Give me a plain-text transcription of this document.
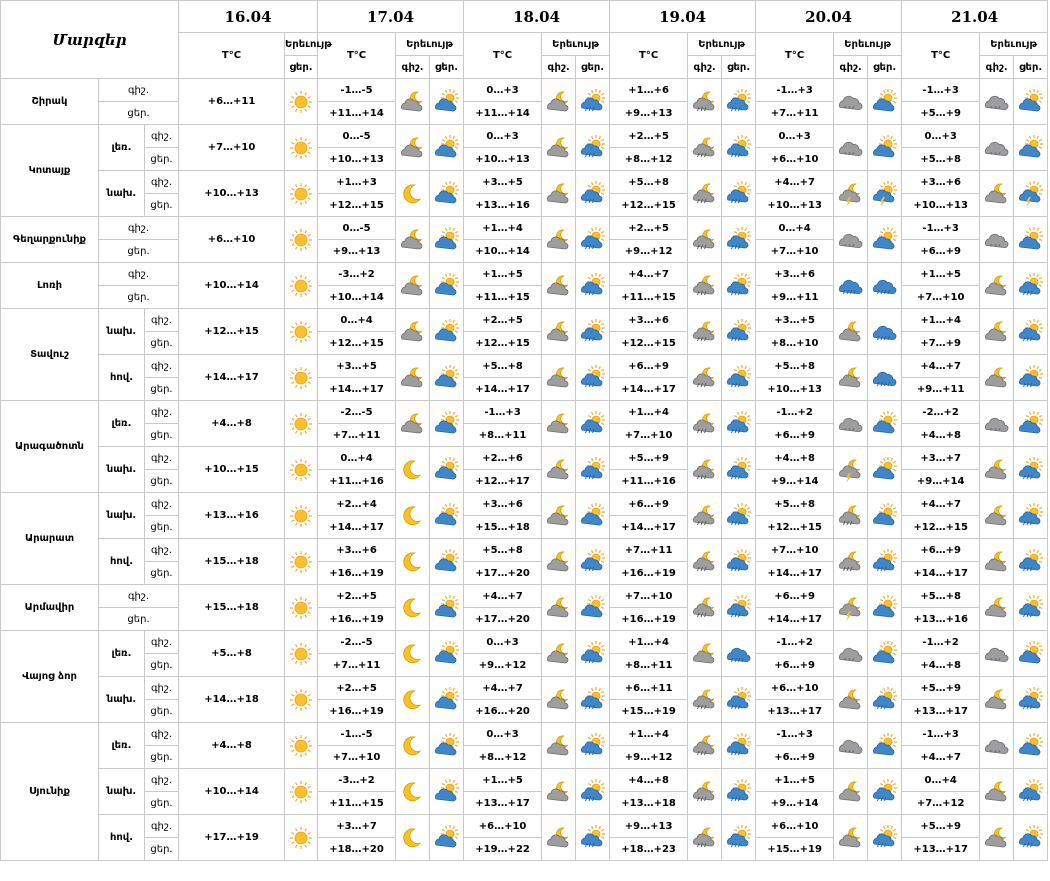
Մարզեր			16.04		17.04			18.04			19.04			20.04			21.04		
			T°C	Երեւույթ	T°C	Երեւույթ		T°C	Երեւույթ		T°C	Երեւույթ		T°C	Երեւույթ		T°C	Երեւույթ	
				ցեր.		գիշ.	ցեր.		գիշ.	ցեր.		գիշ.	ցեր.		գիշ.	ցեր.		գիշ.	ցեր.
Շիրակ	գիշ.		+6…+11		-1…-5			0…+3			+1…+6			-1…+3	* * *		-1…+3	* * *

	ցեր.				+11…+14			+11…+14			+9…+13			+7…+11			+5…+9		
Կոտայք	լեռ.	գիշ.	+7…+10		0…-5			0…+3			+2…+5			0…+3	* * *		0…+3	* * *

		ցեր.			+10…+13			+10…+13			+8…+12			+6…+10			+5…+8		
	նախ.	գիշ.	+10…+13		+1…+3			+3…+5			+5…+8			+4…+7			+3…+6	

		ցեր.			+12…+15			+13…+16			+12…+15			+10…+13			+10…+13		
Գեղարքունիք	գիշ.		+6…+10		0…-5			+1…+4			+2…+5			0…+4	* * *		-1…+3	* * *

	ցեր.				+9…+13			+10…+14			+9…+12			+7…+10			+6…+9		
Լոռի	գիշ.		+10…+14		-3…+2			+1…+5			+4…+7			+3…+6			+1…+5	

	ցեր.				+10…+14			+11…+15			+11…+15			+9…+11			+7…+10		
Տավուշ	նախ.	գիշ.	+12…+15		0…+4			+2…+5			+3…+6			+3…+5			+1…+4	

		ցեր.			+12…+15			+12…+15			+12…+15			+8…+10			+7…+9		
	հով.	գիշ.	+14…+17		+3…+5			+5…+8			+6…+9			+5…+8			+4…+7	

		ցեր.			+14…+17			+14…+17			+14…+17			+10…+13			+9…+11		
Արագածոտն	լեռ.	գիշ.	+4…+8		-2…-5			-1…+3			+1…+4			-1…+2	* * *		-2…+2	* * *

		ցեր.			+7…+11			+8…+11			+7…+10			+6…+9			+4…+8		
	նախ.	գիշ.	+10…+15		0…+4			+2…+6			+5…+9			+4…+8			+3…+7	

		ցեր.			+11…+16			+12…+17			+11…+16			+9…+14			+9…+14		
Արարատ	նախ.	գիշ.	+13…+16		+2…+4			+3…+6			+6…+9			+5…+8			+4…+7	

		ցեր.			+14…+17			+15…+18			+14…+17			+12…+15			+12…+15		
	հով.	գիշ.	+15…+18		+3…+6			+5…+8			+7…+11			+7…+10			+6…+9	

		ցեր.			+16…+19			+17…+20			+16…+19			+14…+17			+14…+17		
Արմավիր	գիշ.		+15…+18		+2…+5			+4…+7			+7…+10			+6…+9			+5…+8	

	ցեր.				+16…+19			+17…+20			+16…+19			+14…+17			+13…+16		
Վայոց ձոր	լեռ.	գիշ.	+5…+8		-2…-5			0…+3			+1…+4			-1…+2	* * *		-1…+2	* * *

		ցեր.			+7…+11			+9…+12			+8…+11			+6…+9			+4…+8		
	նախ.	գիշ.	+14…+18		+2…+5			+4…+7			+6…+11			+6…+10			+5…+9	

		ցեր.			+16…+19			+16…+20			+15…+19			+13…+17			+13…+17		
Սյունիք	լեռ.	գիշ.	+4…+8		-1…-5			0…+3			+1…+4			-1…+3	* * *		-1…+3	* * *

		ցեր.			+7…+10			+8…+12			+9…+12			+6…+9			+4…+7		
	նախ.	գիշ.	+10…+14		-3…+2			+1…+5			+4…+8			+1…+5			0…+4	

		ցեր.			+11…+15			+13…+17			+13…+18			+9…+14			+7…+12		
	հով.	գիշ.	+17…+19		+3…+7			+6…+10			+9…+13			+6…+10			+5…+9	

		ցեր.			+18…+20			+19…+22			+18…+23			+15…+19			+13…+17		
